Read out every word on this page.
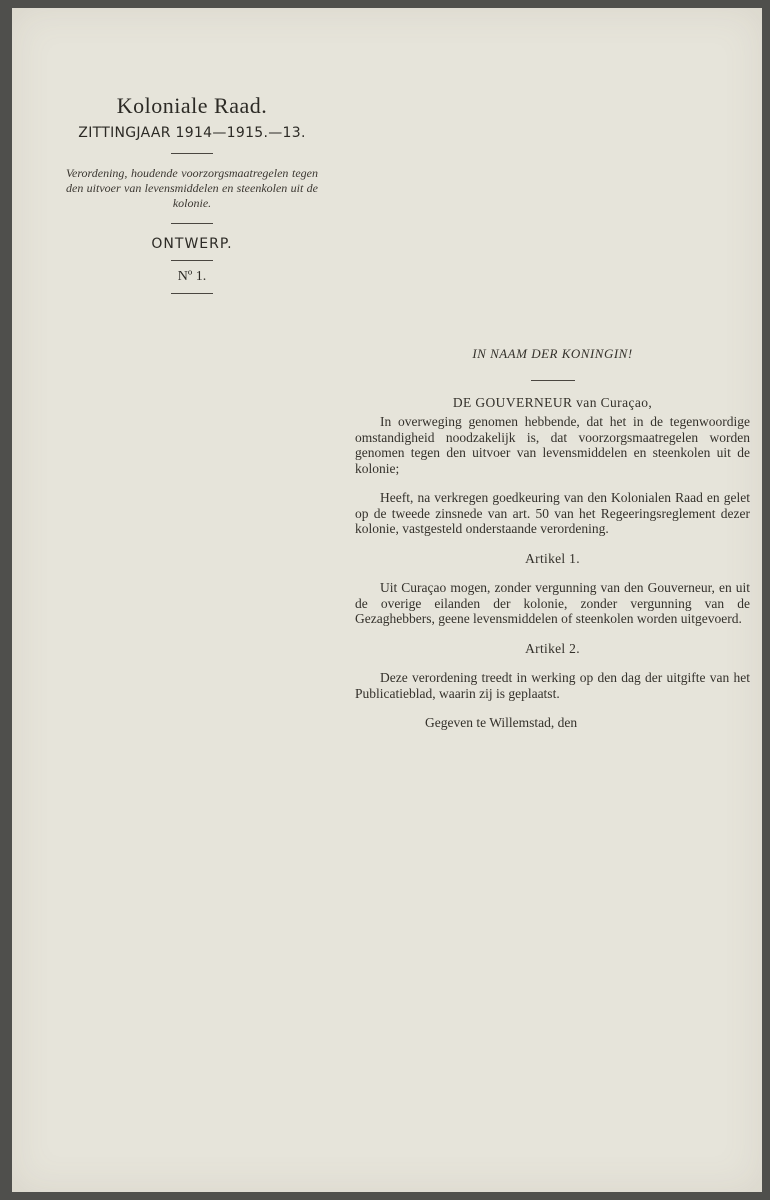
Koloniale Raad.
ZITTINGJAAR 1914—1915.—13.

Verordening, houdende voorzorgsmaatregelen tegen den uitvoer van levensmiddelen en steenkolen uit de kolonie.

ONTWERP.
Nº 1.
IN NAAM DER KONINGIN!
DE GOUVERNEUR van Curaçao,

In overweging genomen hebbende, dat het in de tegenwoordige omstandigheid noodzakelijk is, dat voorzorgsmaatregelen worden genomen tegen den uitvoer van levensmiddelen en steenkolen uit de kolonie;

Heeft, na verkregen goedkeuring van den Kolonialen Raad en gelet op de tweede zinsnede van art. 50 van het Regeeringsreglement dezer kolonie, vastgesteld onderstaande verordening.

Artikel 1.

Uit Curaçao mogen, zonder vergunning van den Gouverneur, en uit de overige eilanden der kolonie, zonder vergunning van de Gezaghebbers, geene levensmiddelen of steenkolen worden uitgevoerd.

Artikel 2.

Deze verordening treedt in werking op den dag der uitgifte van het Publicatieblad, waarin zij is geplaatst.

Gegeven te Willemstad, den
